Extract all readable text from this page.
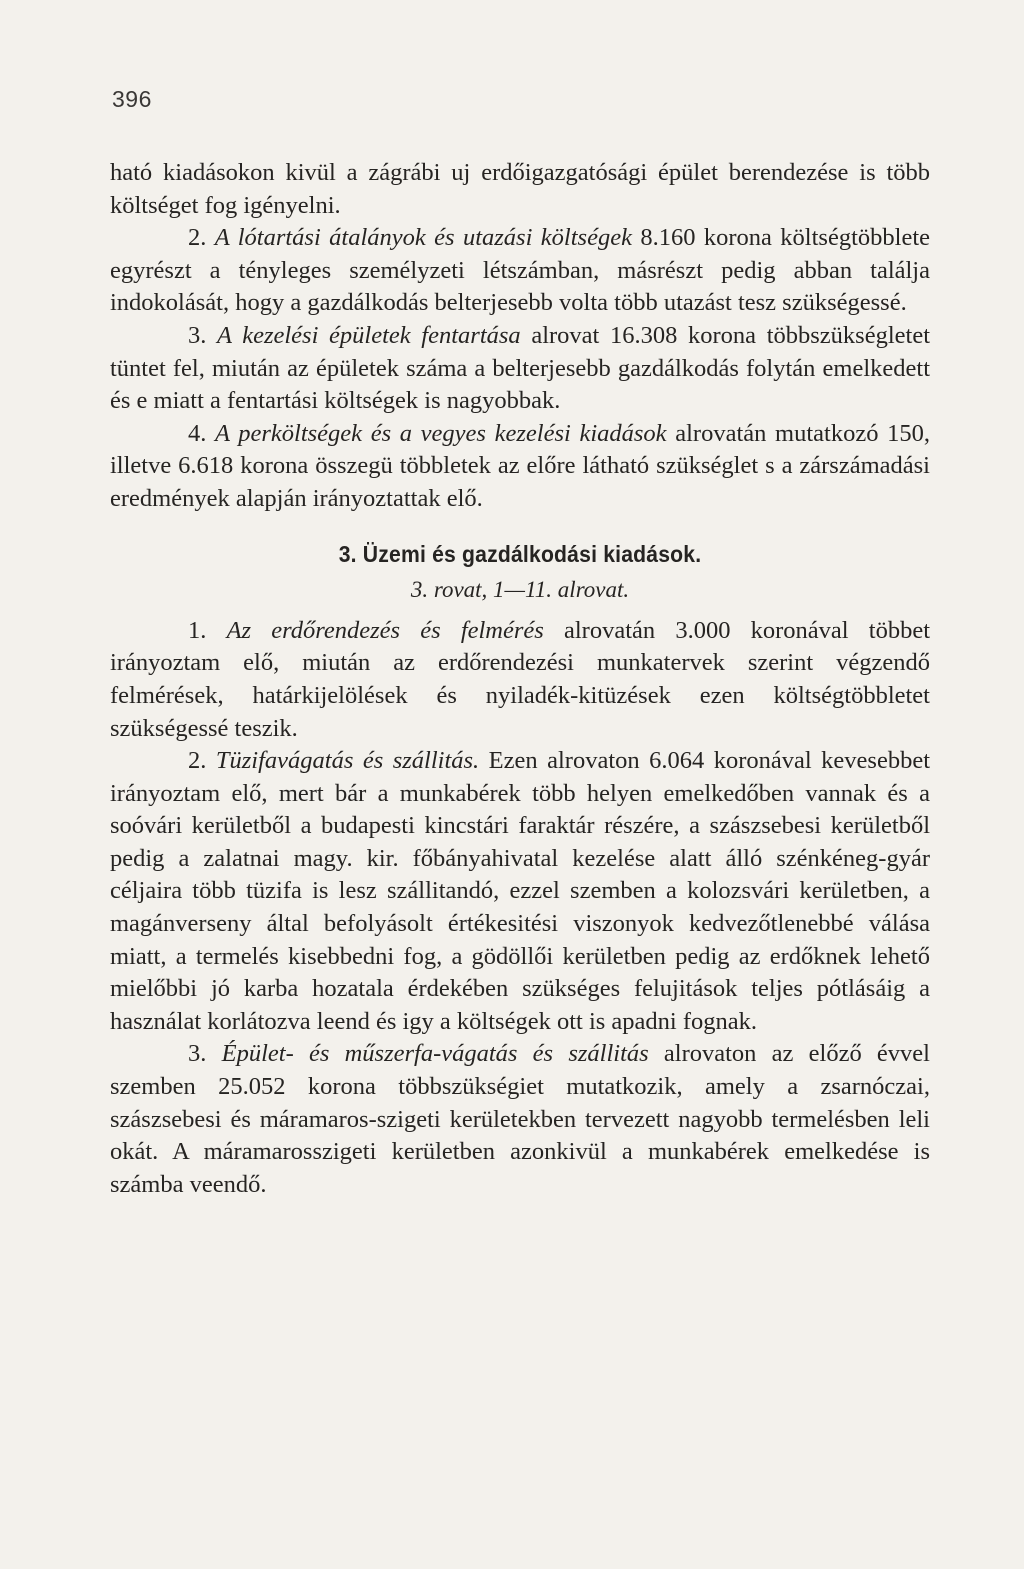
396

ható kiadásokon kivül a zágrábi uj erdőigazgatósági épület berendezése is több költséget fog igényelni.

2. A lótartási átalányok és utazási költségek 8.160 korona költségtöbblete egyrészt a tényleges személyzeti létszámban, másrészt pedig abban találja indokolását, hogy a gazdálkodás belterjesebb volta több utazást tesz szükségessé.

3. A kezelési épületek fentartása alrovat 16.308 korona többszükségletet tüntet fel, miután az épületek száma a belterjesebb gazdálkodás folytán emelkedett és e miatt a fentartási költségek is nagyobbak.

4. A perköltségek és a vegyes kezelési kiadások alrovatán mutatkozó 150, illetve 6.618 korona összegü többletek az előre látható szükséglet s a zárszámadási eredmények alapján irányoztattak elő.

3. Üzemi és gazdálkodási kiadások.
3. rovat, 1—11. alrovat.

1. Az erdőrendezés és felmérés alrovatán 3.000 koronával többet irányoztam elő, miután az erdőrendezési munkatervek szerint végzendő felmérések, határkijelölések és nyiladék-kitüzések ezen költségtöbbletet szükségessé teszik.

2. Tüzifavágatás és szállitás. Ezen alrovaton 6.064 koronával kevesebbet irányoztam elő, mert bár a munkabérek több helyen emelkedőben vannak és a soóvári kerületből a budapesti kincstári faraktár részére, a szászsebesi kerületből pedig a zalatnai magy. kir. főbányahivatal kezelése alatt álló szénkéneg-gyár céljaira több tüzifa is lesz szállitandó, ezzel szemben a kolozsvári kerületben, a magánverseny által befolyásolt értékesitési viszonyok kedvezőtlenebbé válása miatt, a termelés kisebbedni fog, a gödöllői kerületben pedig az erdőknek lehető mielőbbi jó karba hozatala érdekében szükséges felujitások teljes pótlásáig a használat korlátozva leend és igy a költségek ott is apadni fognak.

3. Épület- és műszerfa-vágatás és szállitás alrovaton az előző évvel szemben 25.052 korona többszükségiet mutatkozik, amely a zsarnóczai, szászsebesi és máramaros-szigeti kerületekben tervezett nagyobb termelésben leli okát. A máramarosszigeti kerületben azonkivül a munkabérek emelkedése is számba veendő.
